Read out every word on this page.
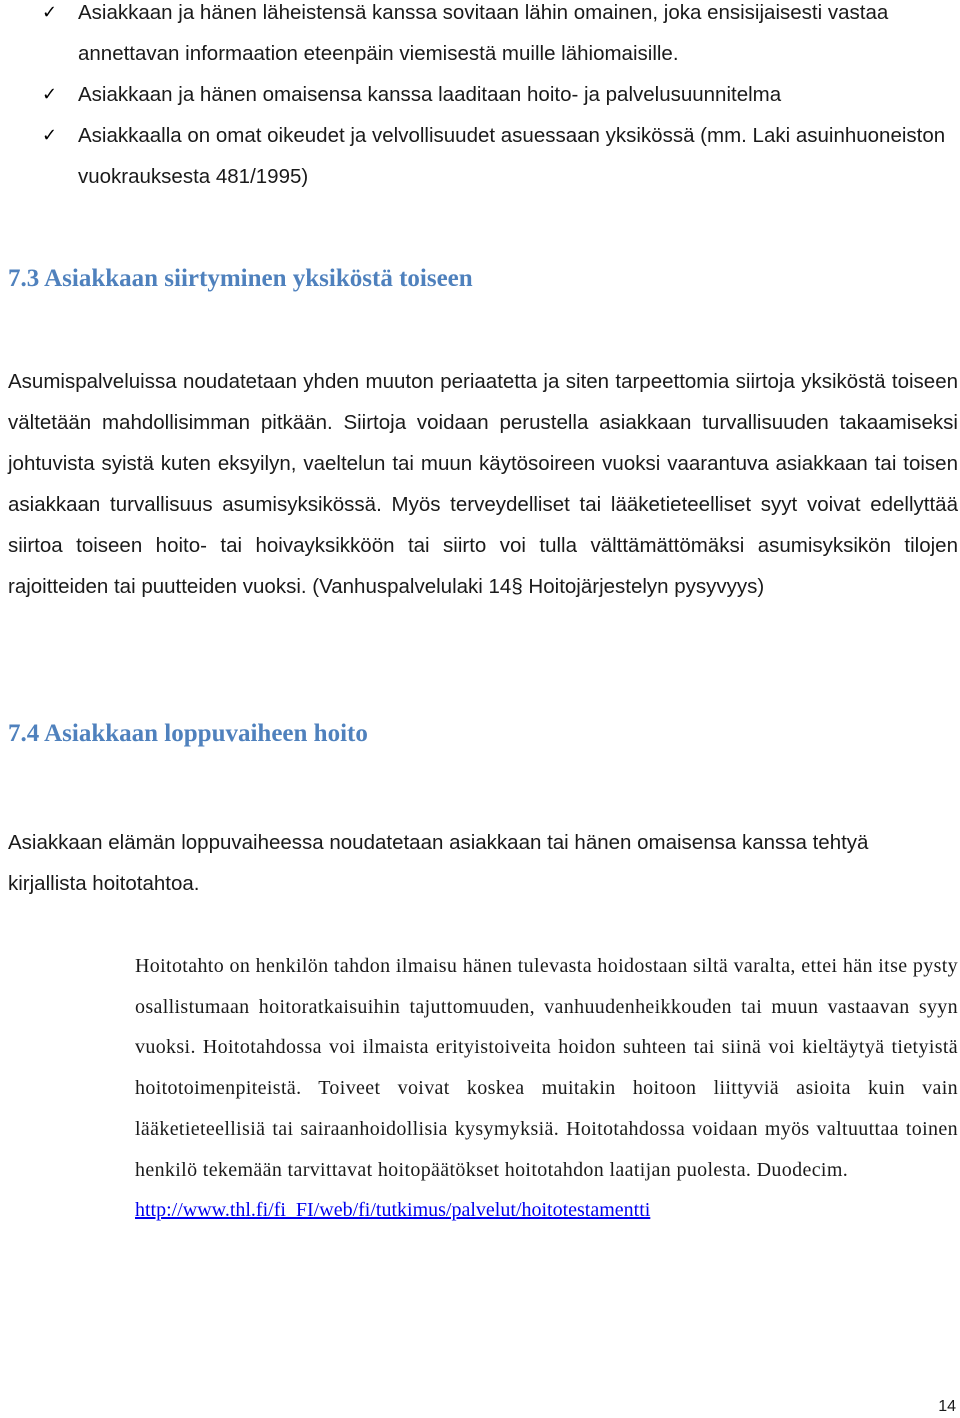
✓ Asiakkaan ja hänen läheistensä kanssa sovitaan lähin omainen, joka ensisijaisesti vastaa annettavan informaation eteenpäin viemisestä muille lähiomaisille.
✓ Asiakkaan ja hänen omaisensa kanssa laaditaan hoito- ja palvelusuunnitelma
✓ Asiakkaalla on omat oikeudet ja velvollisuudet asuessaan yksikössä (mm. Laki asuinhuoneiston vuokrauksesta 481/1995)
7.3 Asiakkaan siirtyminen yksiköstä toiseen

Asumispalveluissa noudatetaan yhden muuton periaatetta ja siten tarpeettomia siirtoja yksiköstä toiseen vältetään mahdollisimman pitkään. Siirtoja voidaan perustella asiakkaan turvallisuuden takaamiseksi johtuvista syistä kuten eksyilyn, vaeltelun tai muun käytösoireen vuoksi vaarantuva asiakkaan tai toisen asiakkaan turvallisuus asumisyksikössä. Myös terveydelliset tai lääketieteelliset syyt voivat edellyttää siirtoa toiseen hoito- tai hoivayksikköön tai siirto voi tulla välttämättömäksi asumisyksikön tilojen rajoitteiden tai puutteiden vuoksi. (Vanhuspalvelulaki 14§ Hoitojärjestelyn pysyvyys)

7.4 Asiakkaan loppuvaiheen hoito

Asiakkaan elämän loppuvaiheessa noudatetaan asiakkaan tai hänen omaisensa kanssa tehtyä kirjallista hoitotahtoa.

Hoitotahto on henkilön tahdon ilmaisu hänen tulevasta hoidostaan siltä varalta, ettei hän itse pysty osallistumaan hoitoratkaisuihin tajuttomuuden, vanhuudenheikkouden tai muun vastaavan syyn vuoksi. Hoitotahdossa voi ilmaista erityistoiveita hoidon suhteen tai siinä voi kieltäytyä tietyistä hoitotoimenpiteistä. Toiveet voivat koskea muitakin hoitoon liittyviä asioita kuin vain lääketieteellisiä tai sairaanhoidollisia kysymyksiä. Hoitotahdossa voidaan myös valtuuttaa toinen henkilö tekemään tarvittavat hoitopäätökset hoitotahdon laatijan puolesta. Duodecim.
http://www.thl.fi/fi_FI/web/fi/tutkimus/palvelut/hoitotestamentti
14
